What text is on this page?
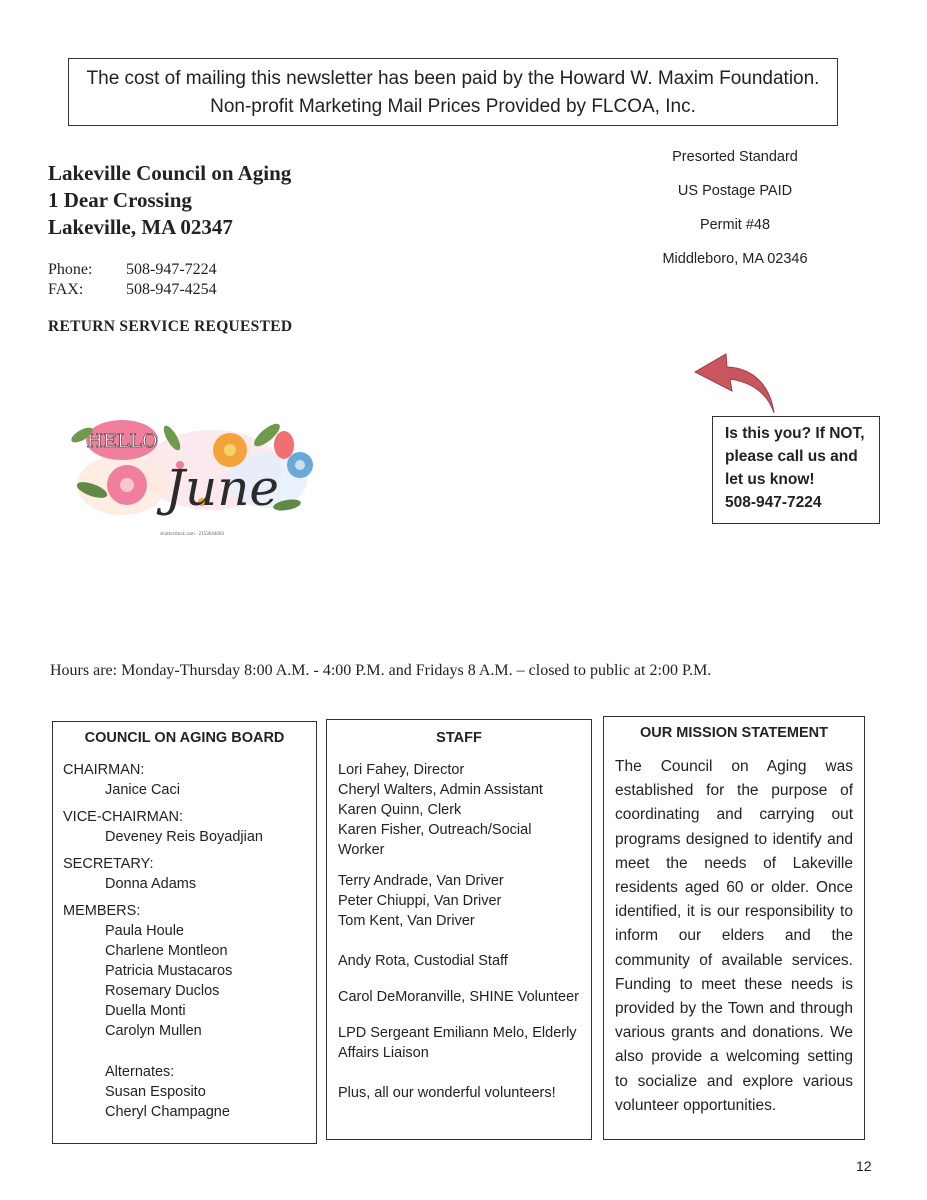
The cost of mailing this newsletter has been paid by the Howard W. Maxim Foundation.
Non-profit Marketing Mail Prices Provided by FLCOA, Inc.
Lakeville Council on Aging
1 Dear Crossing
Lakeville, MA 02347
Phone: 508-947-7224
FAX:	508-947-4254
RETURN SERVICE REQUESTED
Presorted Standard
US Postage PAID
Permit #48
Middleboro, MA 02346
Is this you? If NOT,
please call us and
let us know!
508-947-7224
HELLO
June
shutterstock.com · 2153644093
Hours are: Monday-Thursday 8:00 A.M. - 4:00 P.M. and Fridays 8 A.M. – closed to public at 2:00 P.M.
COUNCIL ON AGING BOARD
CHAIRMAN:
Janice Caci
VICE-CHAIRMAN:
Deveney Reis Boyadjian
SECRETARY:
Donna Adams
MEMBERS:
Paula Houle
Charlene Montleon
Patricia Mustacaros
Rosemary Duclos
Duella Monti
Carolyn Mullen
Alternates:
Susan Esposito
Cheryl Champagne
STAFF
Lori Fahey, Director
Cheryl Walters, Admin Assistant
Karen Quinn, Clerk
Karen Fisher, Outreach/Social Worker
Terry Andrade, Van Driver
Peter Chiuppi, Van Driver
Tom Kent, Van Driver
Andy Rota, Custodial Staff
Carol DeMoranville, SHINE Volunteer
LPD Sergeant Emiliann Melo, Elderly Affairs Liaison
Plus, all our wonderful volunteers!
OUR MISSION STATEMENT
The Council on Aging was established for the purpose of coordinating and carrying out programs designed to identify and meet the needs of Lakeville residents aged 60 or older. Once identified, it is our responsibility to inform our elders and the community of available services. Funding to meet these needs is provided by the Town and through various grants and donations. We also provide a welcoming setting to socialize and explore various volunteer opportunities.
12
